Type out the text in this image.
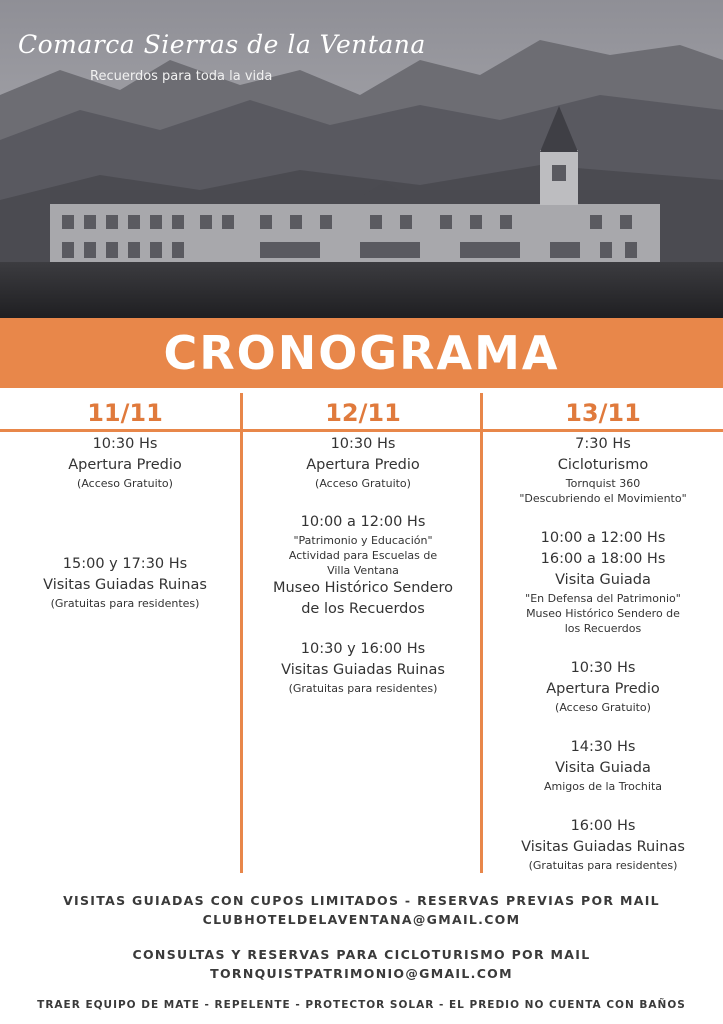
Comarca Sierras de la Ventana
Recuerdos para toda la vida
CRONOGRAMA
11/11	12/11	13/11
10:30 Hs
Apertura Predio
(Acceso Gratuito)
15:00 y 17:30 Hs
Visitas Guiadas Ruinas
(Gratuitas para residentes)
10:30 Hs
Apertura Predio
(Acceso Gratuito)
10:00 a 12:00 Hs
"Patrimonio y Educación"
Actividad para Escuelas de
Villa Ventana
Museo Histórico Sendero
de los Recuerdos
10:30 y 16:00 Hs
Visitas Guiadas Ruinas
(Gratuitas para residentes)
7:30 Hs
Cicloturismo
Tornquist 360
"Descubriendo el Movimiento"
10:00 a 12:00 Hs
16:00 a 18:00 Hs
Visita Guiada
"En Defensa del Patrimonio"
Museo Histórico Sendero de
los Recuerdos
10:30 Hs
Apertura Predio
(Acceso Gratuito)
14:30 Hs
Visita Guiada
Amigos de la Trochita
16:00 Hs
Visitas Guiadas Ruinas
(Gratuitas para residentes)
VISITAS GUIADAS CON CUPOS LIMITADOS - RESERVAS PREVIAS POR MAIL
CLUBHOTELDELAVENTANA@GMAIL.COM
CONSULTAS Y RESERVAS PARA CICLOTURISMO POR MAIL
TORNQUISTPATRIMONIO@GMAIL.COM
TRAER EQUIPO DE MATE - REPELENTE - PROTECTOR SOLAR - EL PREDIO NO CUENTA CON BAÑOS
